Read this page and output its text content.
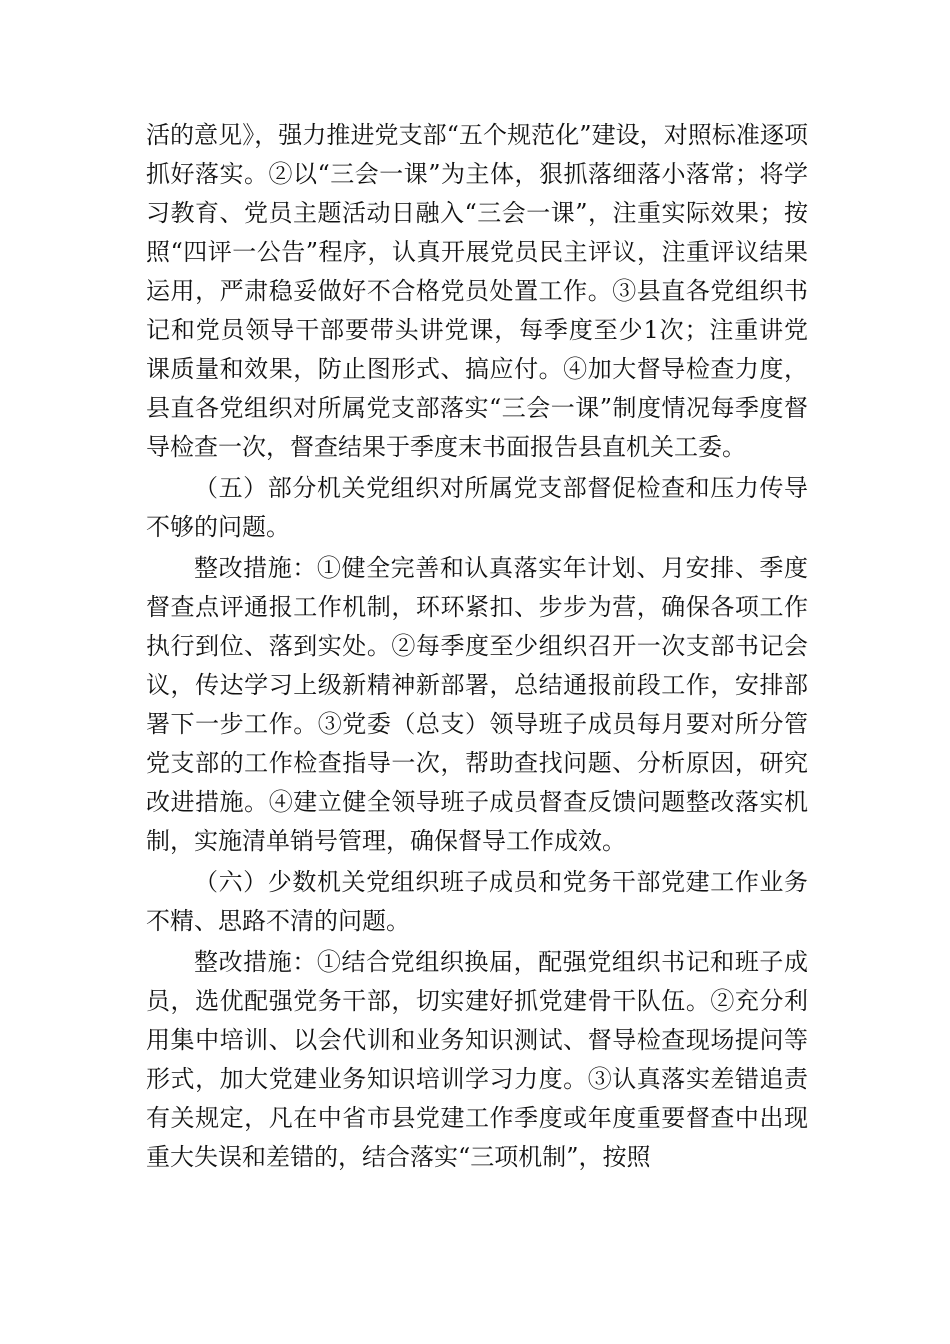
活的意见》，强力推进党支部“五个规范化”建设，对照标准逐项抓好落实。②以“三会一课”为主体，狠抓落细落小落常；将学习教育、党员主题活动日融入“三会一课”，注重实际效果；按照“四评一公告”程序，认真开展党员民主评议，注重评议结果运用，严肃稳妥做好不合格党员处置工作。③县直各党组织书记和党员领导干部要带头讲党课，每季度至少1次；注重讲党课质量和效果，防止图形式、搞应付。④加大督导检查力度，县直各党组织对所属党支部落实“三会一课”制度情况每季度督导检查一次，督查结果于季度末书面报告县直机关工委。

（五）部分机关党组织对所属党支部督促检查和压力传导不够的问题。

整改措施：①健全完善和认真落实年计划、月安排、季度督查点评通报工作机制，环环紧扣、步步为营，确保各项工作执行到位、落到实处。②每季度至少组织召开一次支部书记会议，传达学习上级新精神新部署，总结通报前段工作，安排部署下一步工作。③党委（总支）领导班子成员每月要对所分管党支部的工作检查指导一次，帮助查找问题、分析原因，研究改进措施。④建立健全领导班子成员督查反馈问题整改落实机制，实施清单销号管理，确保督导工作成效。

（六）少数机关党组织班子成员和党务干部党建工作业务不精、思路不清的问题。

整改措施：①结合党组织换届，配强党组织书记和班子成员，选优配强党务干部，切实建好抓党建骨干队伍。②充分利用集中培训、以会代训和业务知识测试、督导检查现场提问等形式，加大党建业务知识培训学习力度。③认真落实差错追责有关规定，凡在中省市县党建工作季度或年度重要督查中出现重大失误和差错的，结合落实“三项机制”，按照
